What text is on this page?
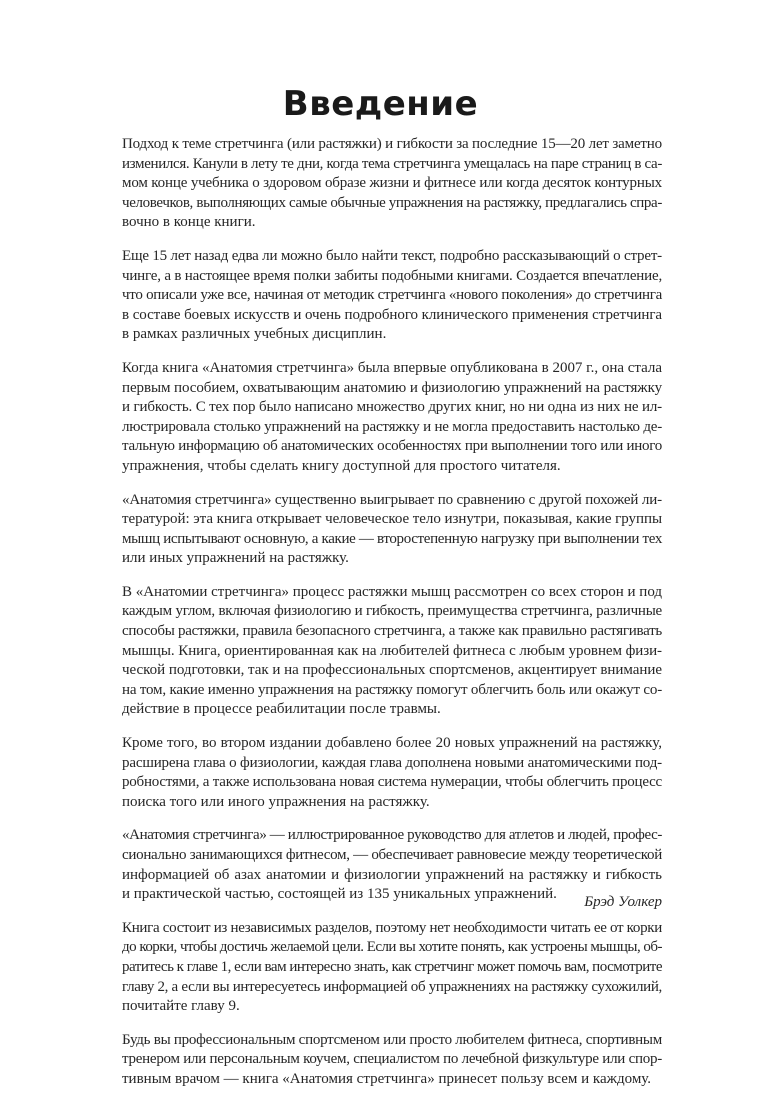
Введение
Подход к теме стретчинга (или растяжки) и гибкости за последние 15—20 лет заметно
изменился. Канули в лету те дни, когда тема стретчинга умещалась на паре страниц в са-
мом конце учебника о здоровом образе жизни и фитнесе или когда десяток контурных
человечков, выполняющих самые обычные упражнения на растяжку, предлагались спра-
вочно в конце книги.
Еще 15 лет назад едва ли можно было найти текст, подробно рассказывающий о стрет-
чинге, а в настоящее время полки забиты подобными книгами. Создается впечатление,
что описали уже все, начиная от методик стретчинга «нового поколения» до стретчинга
в составе боевых искусств и очень подробного клинического применения стретчинга
в рамках различных учебных дисциплин.
Когда книга «Анатомия стретчинга» была впервые опубликована в 2007 г., она стала
первым пособием, охватывающим анатомию и физиологию упражнений на растяжку
и гибкость. С тех пор было написано множество других книг, но ни одна из них не ил-
люстрировала столько упражнений на растяжку и не могла предоставить настолько де-
тальную информацию об анатомических особенностях при выполнении того или иного
упражнения, чтобы сделать книгу доступной для простого читателя.
«Анатомия стретчинга» существенно выигрывает по сравнению с другой похожей ли-
тературой: эта книга открывает человеческое тело изнутри, показывая, какие группы
мышц испытывают основную, а какие — второстепенную нагрузку при выполнении тех
или иных упражнений на растяжку.
В «Анатомии стретчинга» процесс растяжки мышц рассмотрен со всех сторон и под
каждым углом, включая физиологию и гибкость, преимущества стретчинга, различные
способы растяжки, правила безопасного стретчинга, а также как правильно растягивать
мышцы. Книга, ориентированная как на любителей фитнеса с любым уровнем физи-
ческой подготовки, так и на профессиональных спортсменов, акцентирует внимание
на том, какие именно упражнения на растяжку помогут облегчить боль или окажут со-
действие в процессе реабилитации после травмы.
Кроме того, во втором издании добавлено более 20 новых упражнений на растяжку,
расширена глава о физиологии, каждая глава дополнена новыми анатомическими под-
робностями, а также использована новая система нумерации, чтобы облегчить процесс
поиска того или иного упражнения на растяжку.
«Анатомия стретчинга» — иллюстрированное руководство для атлетов и людей, профес-
сионально занимающихся фитнесом, — обеспечивает равновесие между теоретической
информацией об азах анатомии и физиологии упражнений на растяжку и гибкость
и практической частью, состоящей из 135 уникальных упражнений.
Книга состоит из независимых разделов, поэтому нет необходимости читать ее от корки
до корки, чтобы достичь желаемой цели. Если вы хотите понять, как устроены мышцы, об-
ратитесь к главе 1, если вам интересно знать, как стретчинг может помочь вам, посмотрите
главу 2, а если вы интересуетесь информацией об упражнениях на растяжку сухожилий,
почитайте главу 9.
Будь вы профессиональным спортсменом или просто любителем фитнеса, спортивным
тренером или персональным коучем, специалистом по лечебной физкультуре или спор-
тивным врачом — книга «Анатомия стретчинга» принесет пользу всем и каждому.
Брэд Уолкер
